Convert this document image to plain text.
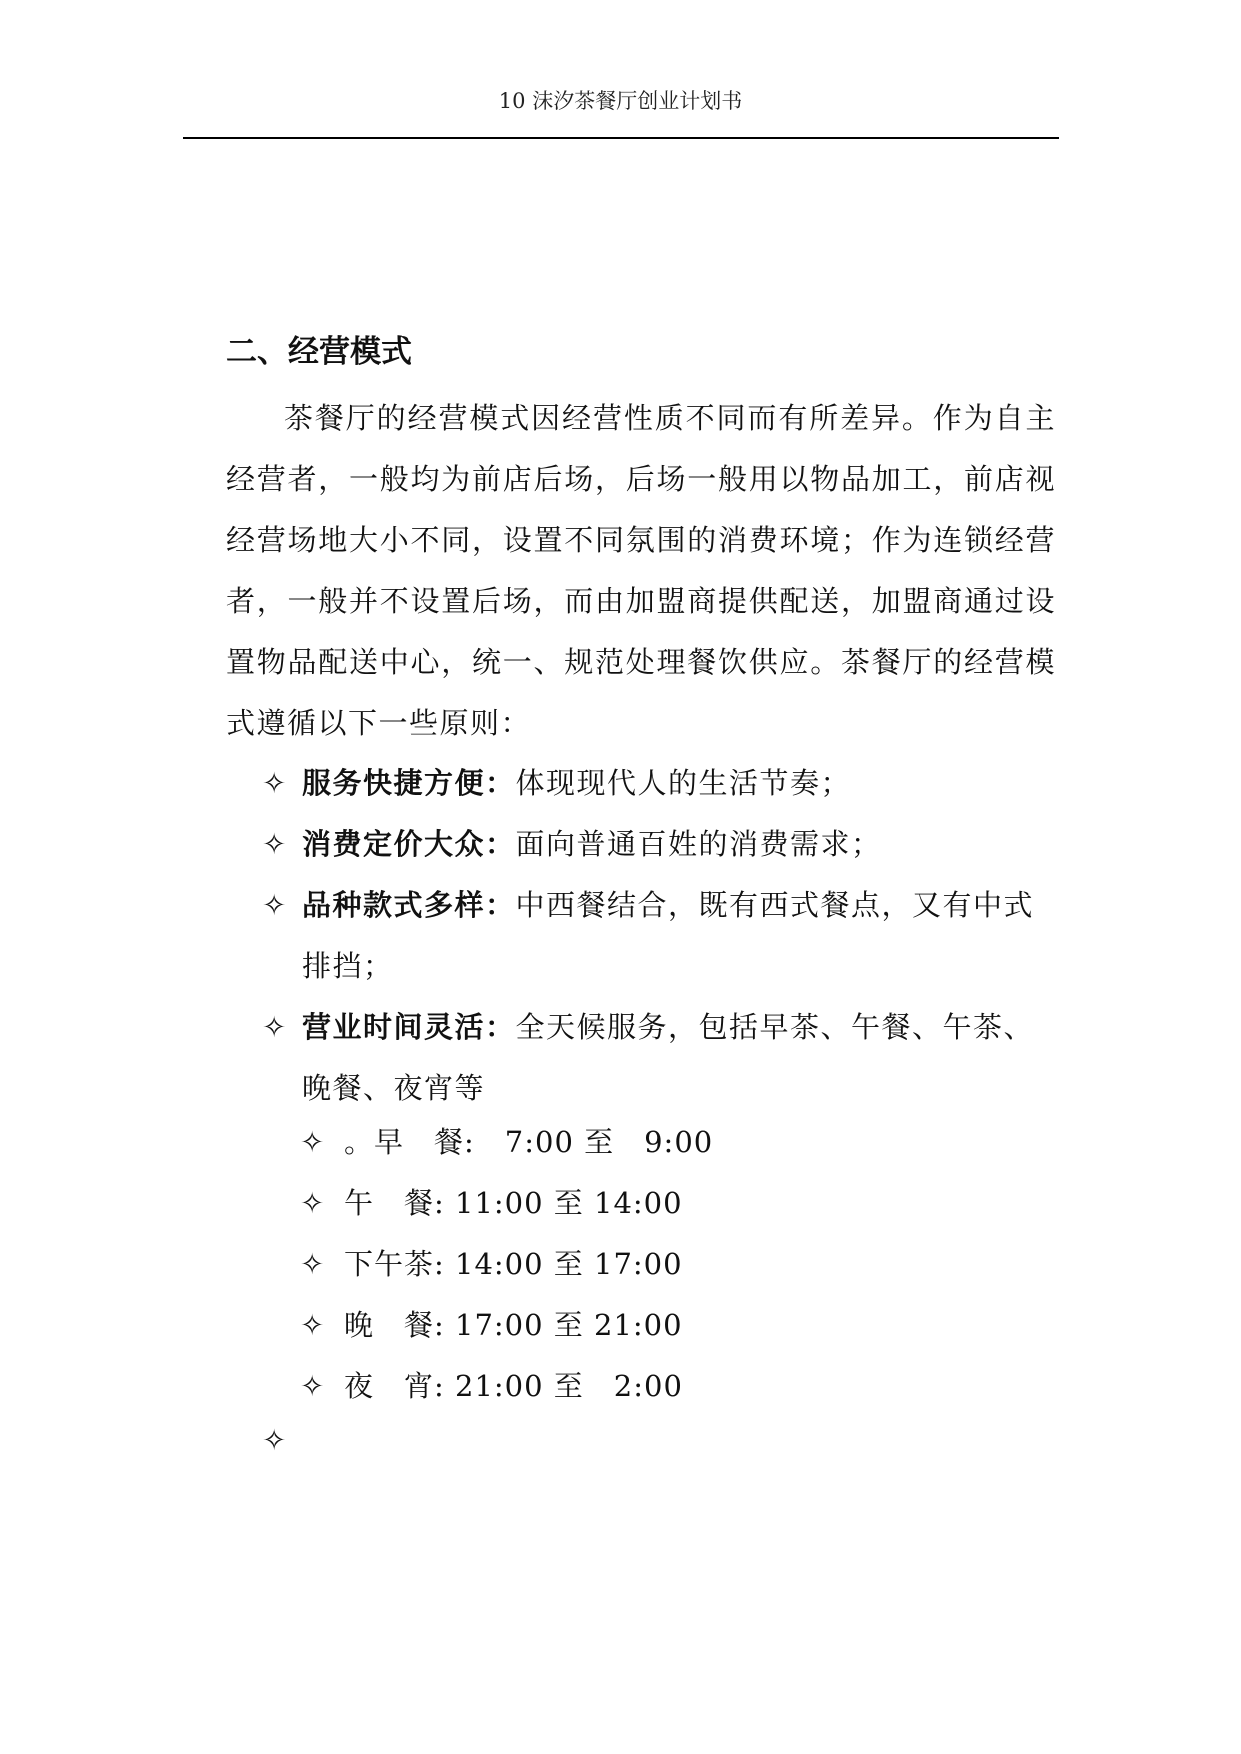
10 沫汐茶餐厅创业计划书
二、经营模式

茶餐厅的经营模式因经营性质不同而有所差异。作为自主经营者，一般均为前店后场，后场一般用以物品加工，前店视经营场地大小不同，设置不同氛围的消费环境；作为连锁经营者，一般并不设置后场，而由加盟商提供配送，加盟商通过设置物品配送中心，统一、规范处理餐饮供应。茶餐厅的经营模式遵循以下一些原则：

✧ 服务快捷方便：体现现代人的生活节奏；
✧ 消费定价大众：面向普通百姓的消费需求；
✧ 品种款式多样：中西餐结合，既有西式餐点，又有中式排挡；
✧ 营业时间灵活：全天候服务，包括早茶、午餐、午茶、晚餐、夜宵等
✧ 。早　餐:　7:00 至　9:00
✧ 午　餐: 11:00 至 14:00
✧ 下午茶: 14:00 至 17:00
✧ 晚　餐: 17:00 至 21:00
✧ 夜　宵: 21:00 至　2:00
✧
